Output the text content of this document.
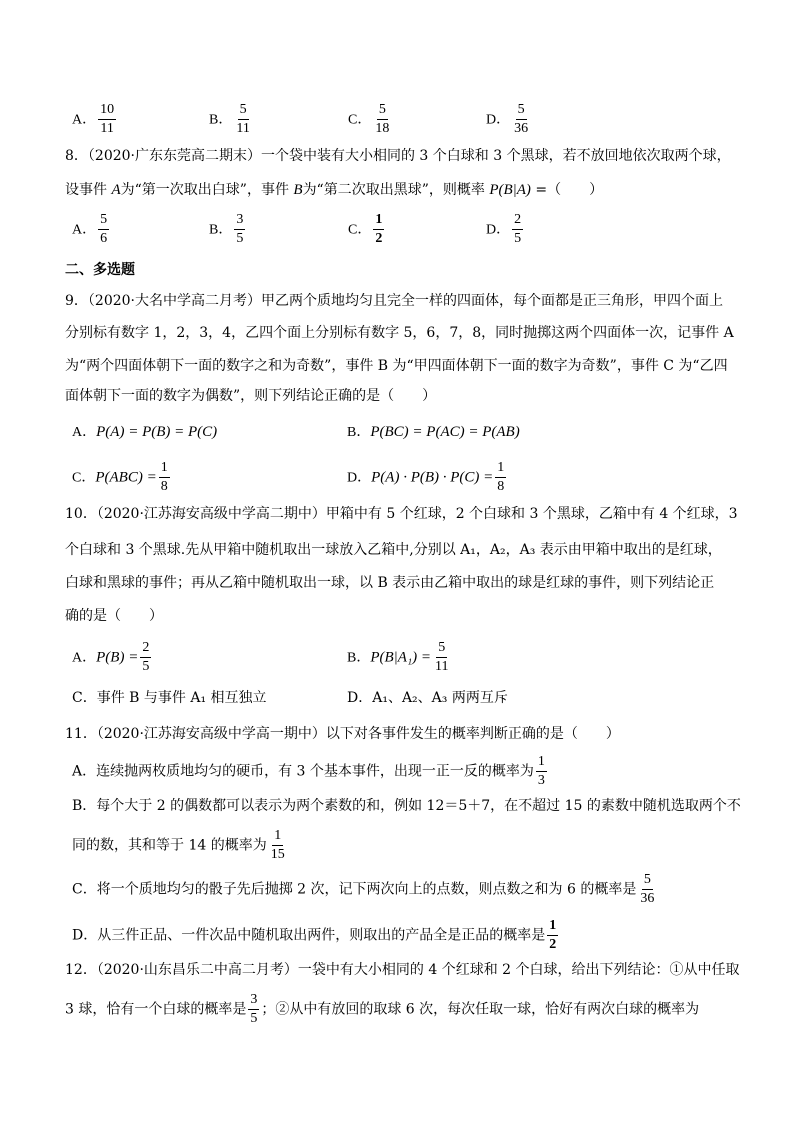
A． $\frac{10}{11}$	B． $\frac{5}{11}$	C． $\frac{5}{18}$	D． $\frac{5}{36}$
8．（2020·广东东莞高二期末）一个袋中装有大小相同的 3 个白球和 3 个黑球，若不放回地依次取两个球，
设事件 A为“第一次取出白球”，事件 B为“第二次取出黑球”，则概率 P(B|A) =（　　）
A． $\frac{5}{6}$	B． $\frac{3}{5}$	C． $\frac{1}{2}$	D． $\frac{2}{5}$
二、多选题
9．（2020·大名中学高二月考）甲乙两个质地均匀且完全一样的四面体，每个面都是正三角形，甲四个面上
分别标有数字 1，2，3，4，乙四个面上分别标有数字 5，6，7，8，同时抛掷这两个四面体一次，记事件 A
为“两个四面体朝下一面的数字之和为奇数”，事件 B 为“甲四面体朝下一面的数字为奇数”，事件 C 为“乙四
面体朝下一面的数字为偶数”，则下列结论正确的是（　　）
A．P(A) = P(B) = P(C)	B．P(BC) = P(AC) = P(AB)
C．$P(ABC) = \frac{1}{8}$	D．$P(A) \cdot P(B) \cdot P(C) = \frac{1}{8}$
10．（2020·江苏海安高级中学高二期中）甲箱中有 5 个红球，2 个白球和 3 个黑球，乙箱中有 4 个红球，3
个白球和 3 个黑球.先从甲箱中随机取出一球放入乙箱中,分别以 A₁，A₂，A₃ 表示由甲箱中取出的是红球，
白球和黑球的事件；再从乙箱中随机取出一球，以 B 表示由乙箱中取出的球是红球的事件，则下列结论正
确的是（　　）
A．$P(B) = \frac{2}{5}$	B．$P(B|A_1) = \frac{5}{11}$
C．事件 B 与事件 A₁ 相互独立	D．A₁、A₂、A₃ 两两互斥
11．（2020·江苏海安高级中学高一期中）以下对各事件发生的概率判断正确的是（　　）
A．连续抛两枚质地均匀的硬币，有 3 个基本事件，出现一正一反的概率为 $\frac{1}{3}$
B．每个大于 2 的偶数都可以表示为两个素数的和，例如 12＝5＋7，在不超过 15 的素数中随机选取两个不
同的数，其和等于 14 的概率为 $\frac{1}{15}$
C．将一个质地均匀的骰子先后抛掷 2 次，记下两次向上的点数，则点数之和为 6 的概率是 $\frac{5}{36}$
D．从三件正品、一件次品中随机取出两件，则取出的产品全是正品的概率是 $\frac{1}{2}$
12．（2020·山东昌乐二中高二月考）一袋中有大小相同的 4 个红球和 2 个白球，给出下列结论：①从中任取
3 球，恰有一个白球的概率是 $\frac{3}{5}$ ；②从中有放回的取球 6 次，每次任取一球，恰好有两次白球的概率为
